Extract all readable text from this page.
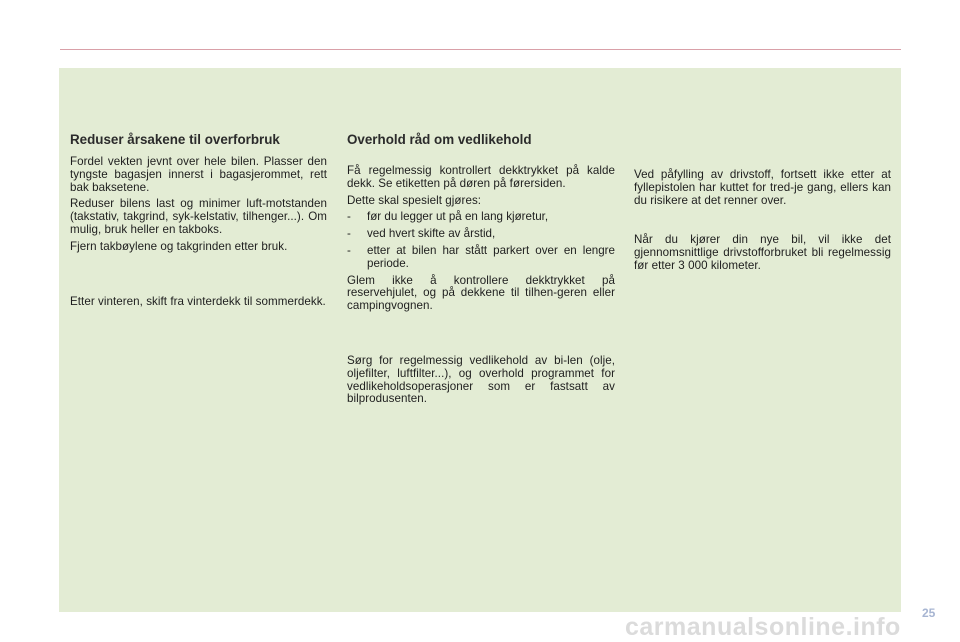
Reduser årsakene til overforbruk

Fordel vekten jevnt over hele bilen. Plasser den tyngste bagasjen innerst i bagasjerommet, rett bak baksetene.

Reduser bilens last og minimer luft-motstanden (takstativ, takgrind, syk-kelstativ, tilhenger...). Om mulig, bruk heller en takboks.

Fjern takbøylene og takgrinden etter bruk.

Etter vinteren, skift fra vinterdekk til sommerdekk.

Overhold råd om vedlikehold

Få regelmessig kontrollert dekktrykket på kalde dekk. Se etiketten på døren på førersiden.

Dette skal spesielt gjøres:

- før du legger ut på en lang kjøretur,
- ved hvert skifte av årstid,
- etter at bilen har stått parkert over en lengre periode.

Glem ikke å kontrollere dekktrykket på reservehjulet, og på dekkene til tilhen-geren eller campingvognen.

Sørg for regelmessig vedlikehold av bi-len (olje, oljefilter, luftfilter...), og overhold programmet for vedlikeholdsoperasjoner som er fastsatt av bilprodusenten.

Ved påfylling av drivstoff, fortsett ikke etter at fyllepistolen har kuttet for tred-je gang, ellers kan du risikere at det renner over.

Når du kjører din nye bil, vil ikke det gjennomsnittlige drivstofforbruket bli regelmessig før etter 3 000 kilometer.

carmanualsonline.info 25
